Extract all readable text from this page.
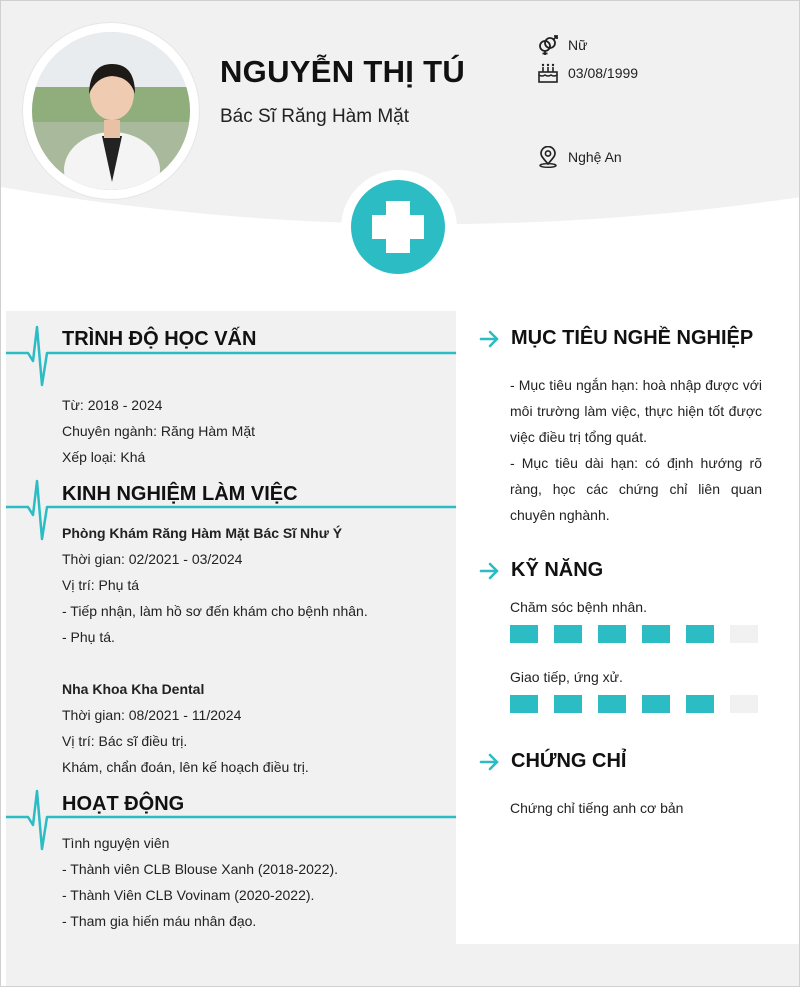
NGUYỄN THỊ TÚ
Bác Sĩ Răng Hàm Mặt
Nữ
03/08/1999
Nghệ An
TRÌNH ĐỘ HỌC VẤN
Từ: 2018 - 2024
Chuyên ngành: Răng Hàm Mặt
Xếp loại: Khá
KINH NGHIỆM LÀM VIỆC
Phòng Khám Răng Hàm Mặt Bác Sĩ Như Ý
Thời gian: 02/2021 - 03/2024
Vị trí: Phụ tá
- Tiếp nhận, làm hồ sơ đến khám cho bệnh nhân.
- Phụ tá.
Nha Khoa Kha Dental
Thời gian: 08/2021 - 11/2024
Vị trí: Bác sĩ điều trị.
Khám, chẩn đoán, lên kế hoạch điều trị.
HOẠT ĐỘNG
Tình nguyện viên
- Thành viên CLB Blouse Xanh (2018-2022).
- Thành Viên CLB Vovinam (2020-2022).
- Tham gia hiến máu nhân đạo.
MỤC TIÊU NGHỀ NGHIỆP
- Mục tiêu ngắn hạn: hoà nhập được với môi trường làm việc, thực hiện tốt được việc điều trị tổng quát.
- Mục tiêu dài hạn: có định hướng rõ ràng, học các chứng chỉ liên quan chuyên nghành.
KỸ NĂNG
Chăm sóc bệnh nhân.
Giao tiếp, ứng xử.
CHỨNG CHỈ
Chứng chỉ tiếng anh cơ bản
